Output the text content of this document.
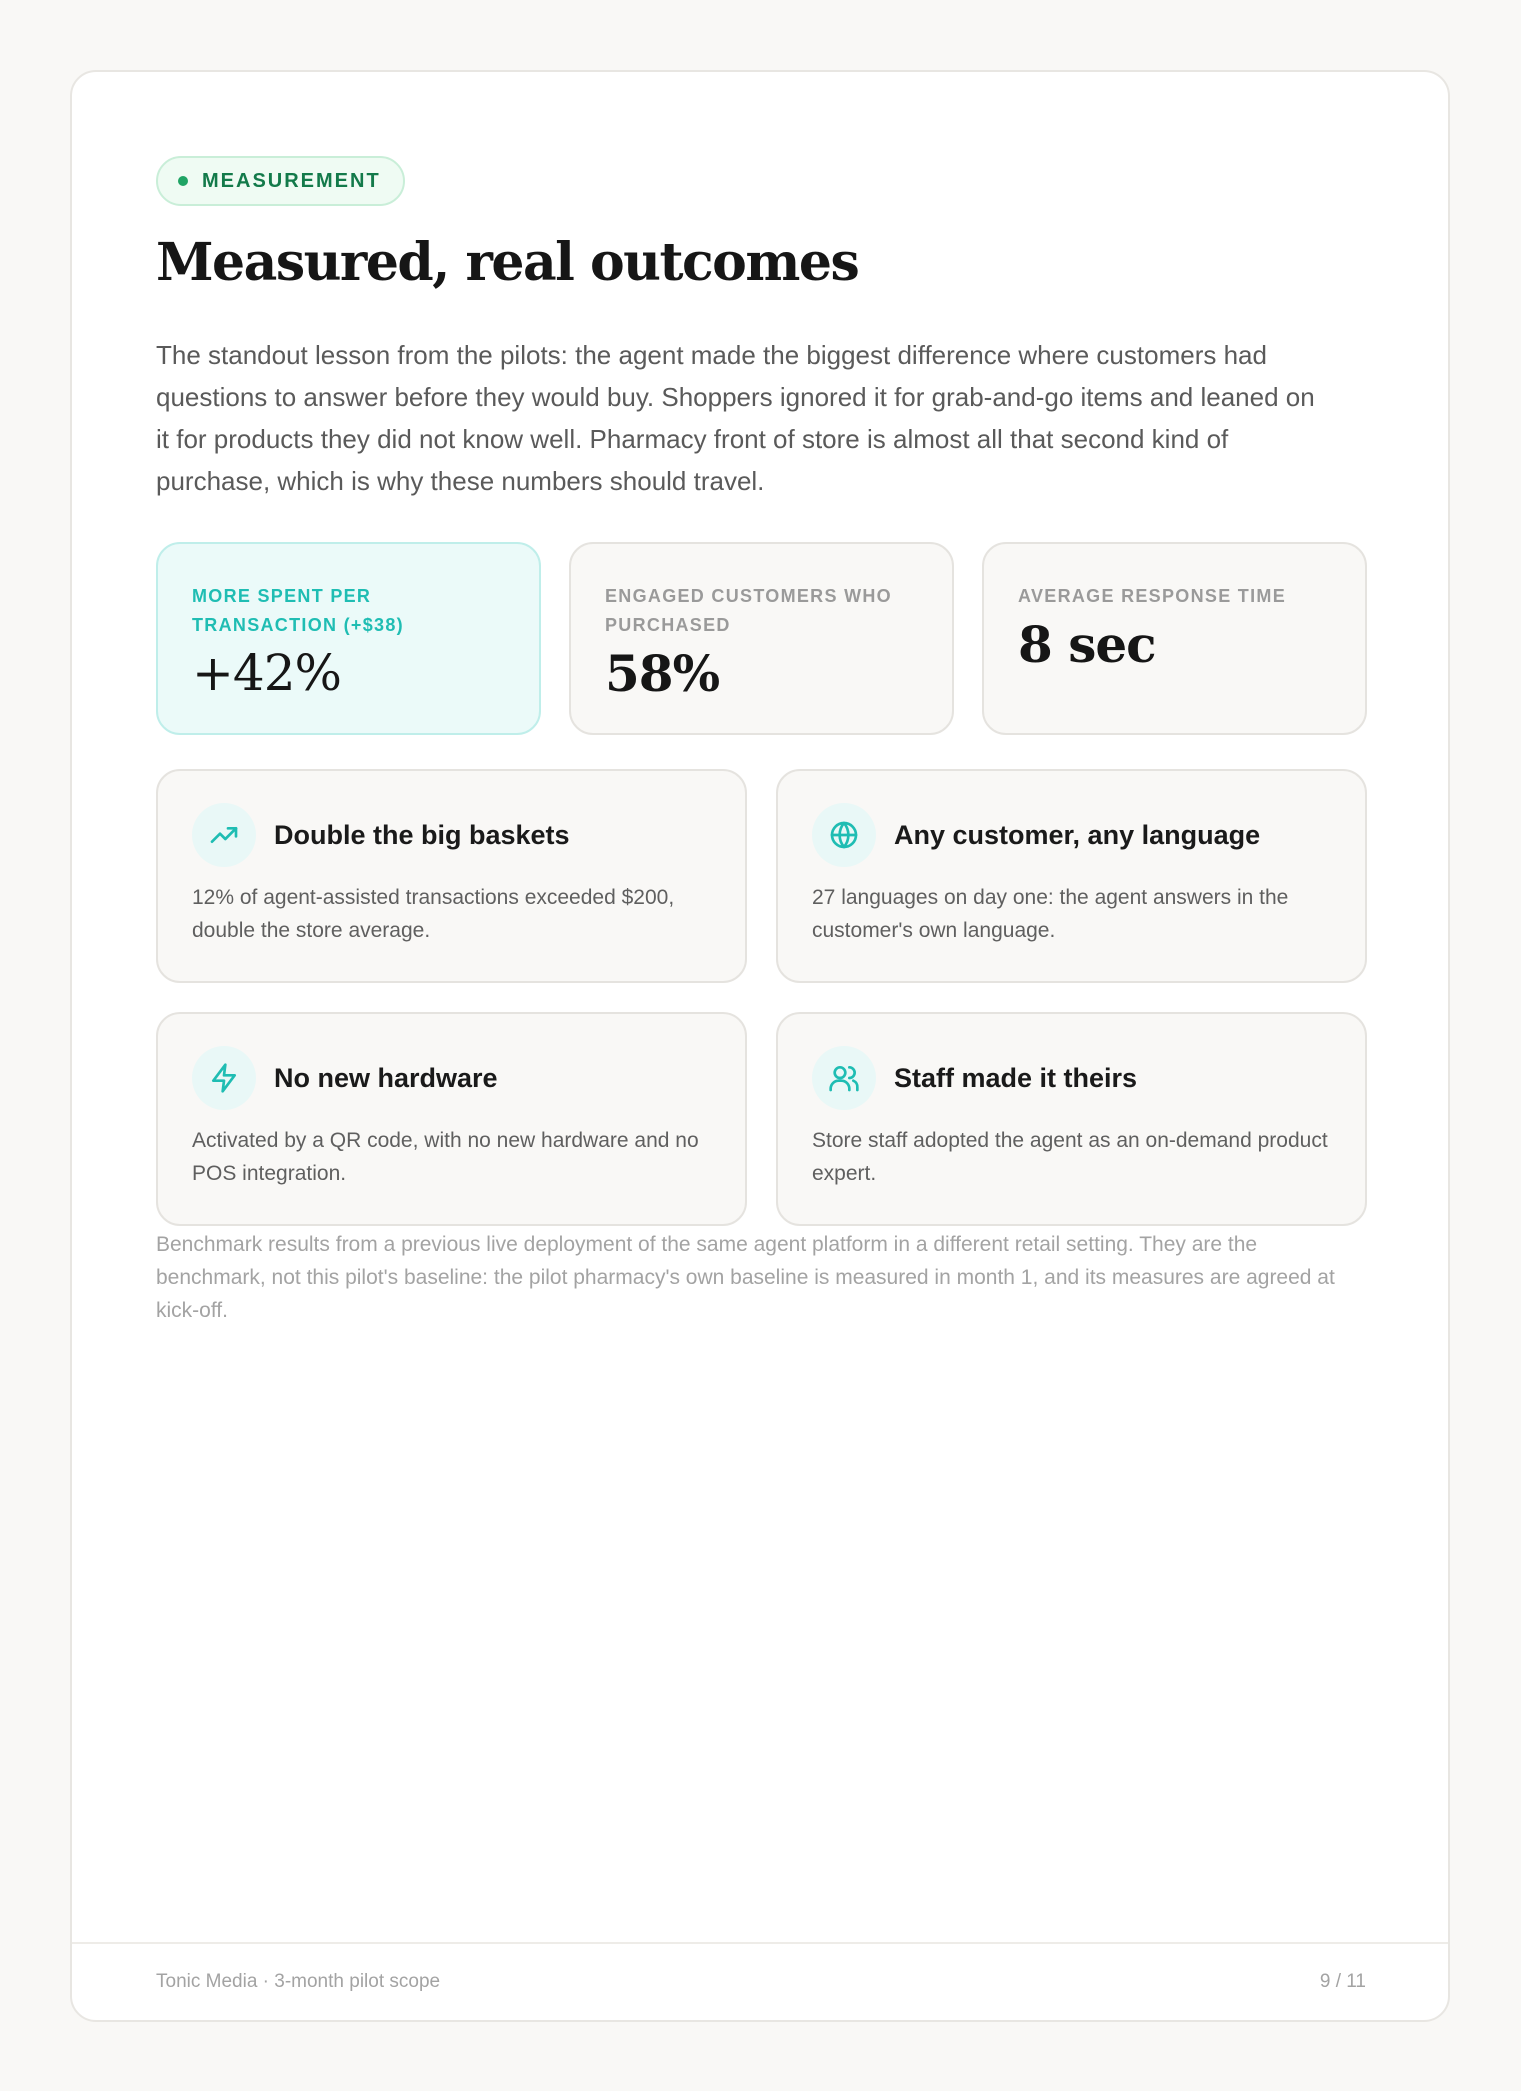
MEASUREMENT
Measured, real outcomes

The standout lesson from the pilots: the agent made the biggest difference where customers had questions to answer before they would buy. Shoppers ignored it for grab-and-go items and leaned on it for products they did not know well. Pharmacy front of store is almost all that second kind of purchase, which is why these numbers should travel.

MORE SPENT PER TRANSACTION (+$38)
+42%
ENGAGED CUSTOMERS WHO PURCHASED
58%
AVERAGE RESPONSE TIME
8 sec
Double the big baskets

12% of agent-assisted transactions exceeded $200, double the store average.

Any customer, any language

27 languages on day one: the agent answers in the customer's own language.

No new hardware

Activated by a QR code, with no new hardware and no POS integration.

Staff made it theirs

Store staff adopted the agent as an on-demand product expert.

Benchmark results from a previous live deployment of the same agent platform in a different retail setting. They are the benchmark, not this pilot's baseline: the pilot pharmacy's own baseline is measured in month 1, and its measures are agreed at kick-off.

Tonic Media · 3-month pilot scope	9 / 11
